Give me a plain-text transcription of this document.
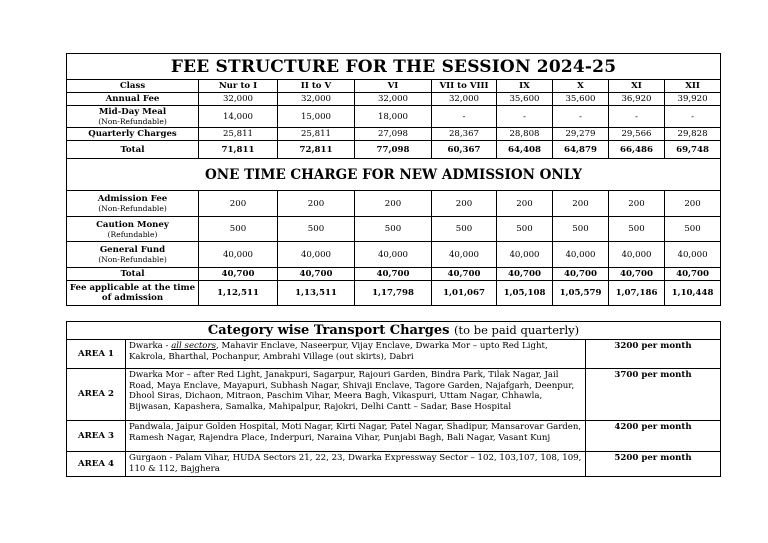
FEE STRUCTURE FOR THE SESSION 2024-25								
Class	Nur to I	II to V	VI	VII to VIII	IX	X	XI	XII
Annual Fee	32,000	32,000	32,000	32,000	35,600	35,600	36,920	39,920
Mid-Day Meal
(Non-Refundable)	14,000	15,000	18,000	-	-	-	-	-
Quarterly Charges	25,811	25,811	27,098	28,367	28,808	29,279	29,566	29,828
Total	71,811	72,811	77,098	60,367	64,408	64,879	66,486	69,748
ONE TIME CHARGE FOR NEW ADMISSION ONLY								
Admission Fee
(Non-Refundable)	200	200	200	200	200	200	200	200
Caution Money
(Refundable)	500	500	500	500	500	500	500	500
General Fund
(Non-Refundable)	40,000	40,000	40,000	40,000	40,000	40,000	40,000	40,000
Total	40,700	40,700	40,700	40,700	40,700	40,700	40,700	40,700
Fee applicable at the time of admission	1,12,511	1,13,511	1,17,798	1,01,067	1,05,108	1,05,579	1,07,186	1,10,448
Category wise Transport Charges (to be paid quarterly)		
AREA 1	Dwarka - all sectors, Mahavir Enclave, Naseerpur, Vijay Enclave, Dwarka Mor – upto Red Light, Kakrola, Bharthal, Pochanpur, Ambrahi Village (out skirts), Dabri	3200 per month
AREA 2	Dwarka Mor – after Red Light, Janakpuri, Sagarpur, Rajouri Garden, Bindra Park, Tilak Nagar, Jail Road, Maya Enclave, Mayapuri, Subhash Nagar, Shivaji Enclave, Tagore Garden, Najafgarh, Deenpur, Dhool Siras, Dichaon, Mitraon, Paschim Vihar, Meera Bagh, Vikaspuri, Uttam Nagar, Chhawla, Bijwasan, Kapashera, Samalka, Mahipalpur, Rajokri, Delhi Cantt – Sadar, Base Hospital	3700 per month
AREA 3	Pandwala, Jaipur Golden Hospital, Moti Nagar, Kirti Nagar, Patel Nagar, Shadipur, Mansarovar Garden, Ramesh Nagar, Rajendra Place, Inderpuri, Naraina Vihar, Punjabi Bagh, Bali Nagar, Vasant Kunj	4200 per month
AREA 4	Gurgaon - Palam Vihar, HUDA Sectors 21, 22, 23, Dwarka Expressway Sector – 102, 103,107, 108, 109, 110 & 112, Bajghera	5200 per month
